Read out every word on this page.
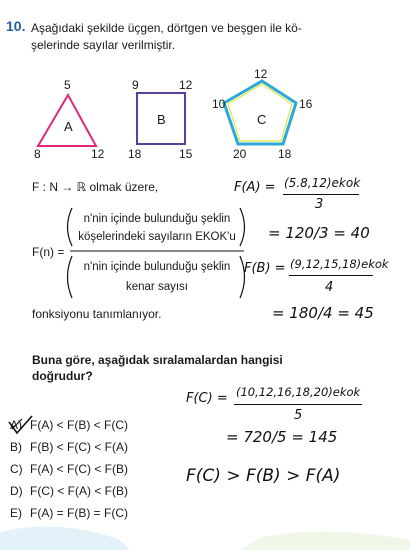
10. Aşağıdaki şekilde üçgen, dörtgen ve beşgen ile kö-
şelerinde sayılar verilmiştir.
5
A
8	12
9	12
B
18	15
12
10	16
C
20	18
F : N → ℝ olmak üzere,
F(n) =
n'nin içinde bulunduğu şeklin
köşelerindeki sayıların EKOK'u
n'nin içinde bulunduğu şeklin
kenar sayısı
fonksiyonu tanımlanıyor.
F(A) = (5.8,12)ekok
3
= 120/3 = 40
F(B) = (9,12,15,18)ekok
4
= 180/4 = 45
Buna göre, aşağıdak sıralamalardan hangisi
doğrudur?
F(C) = (10,12,16,18,20)ekok
5
= 720/5 = 145
A) F(A) < F(B) < F(C)
B) F(B) < F(C) < F(A)
C) F(A) < F(C) < F(B)
D) F(C) < F(A) < F(B)
E) F(A) = F(B) = F(C)
F(C) > F(B) > F(A)
